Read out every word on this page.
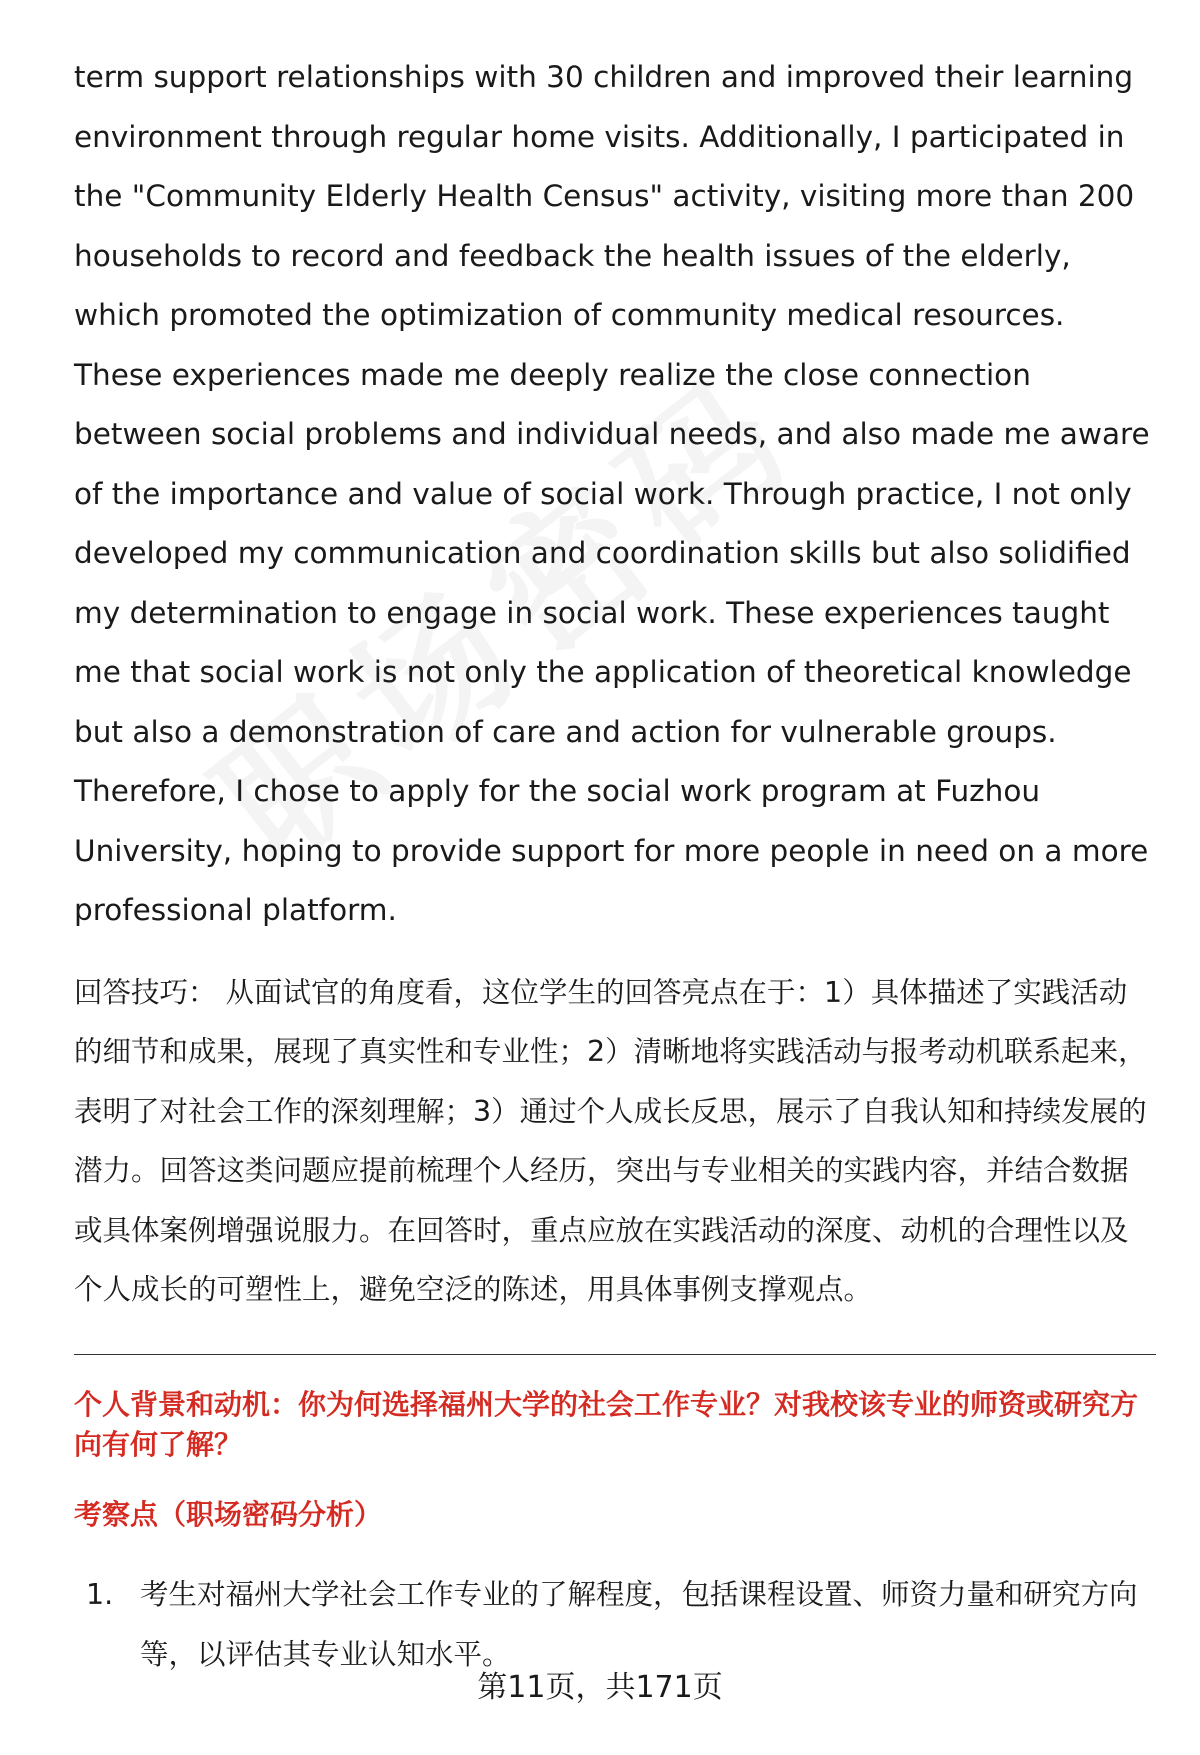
term support relationships with 30 children and improved their learning environment through regular home visits. Additionally, I participated in the "Community Elderly Health Census" activity, visiting more than 200 households to record and feedback the health issues of the elderly, which promoted the optimization of community medical resources. These experiences made me deeply realize the close connection between social problems and individual needs, and also made me aware of the importance and value of social work. Through practice, I not only developed my communication and coordination skills but also solidified my determination to engage in social work. These experiences taught me that social work is not only the application of theoretical knowledge but also a demonstration of care and action for vulnerable groups. Therefore, I chose to apply for the social work program at Fuzhou University, hoping to provide support for more people in need on a more professional platform.

回答技巧： 从面试官的角度看，这位学生的回答亮点在于：1）具体描述了实践活动的细节和成果，展现了真实性和专业性；2）清晰地将实践活动与报考动机联系起来，表明了对社会工作的深刻理解；3）通过个人成长反思，展示了自我认知和持续发展的潜力。回答这类问题应提前梳理个人经历，突出与专业相关的实践内容，并结合数据或具体案例增强说服力。在回答时，重点应放在实践活动的深度、动机的合理性以及个人成长的可塑性上，避免空泛的陈述，用具体事例支撑观点。

个人背景和动机：你为何选择福州大学的社会工作专业？对我校该专业的师资或研究方向有何了解？
考察点（职场密码分析）
1. 考生对福州大学社会工作专业的了解程度，包括课程设置、师资力量和研究方向等，以评估其专业认知水平。
第11页，共171页
